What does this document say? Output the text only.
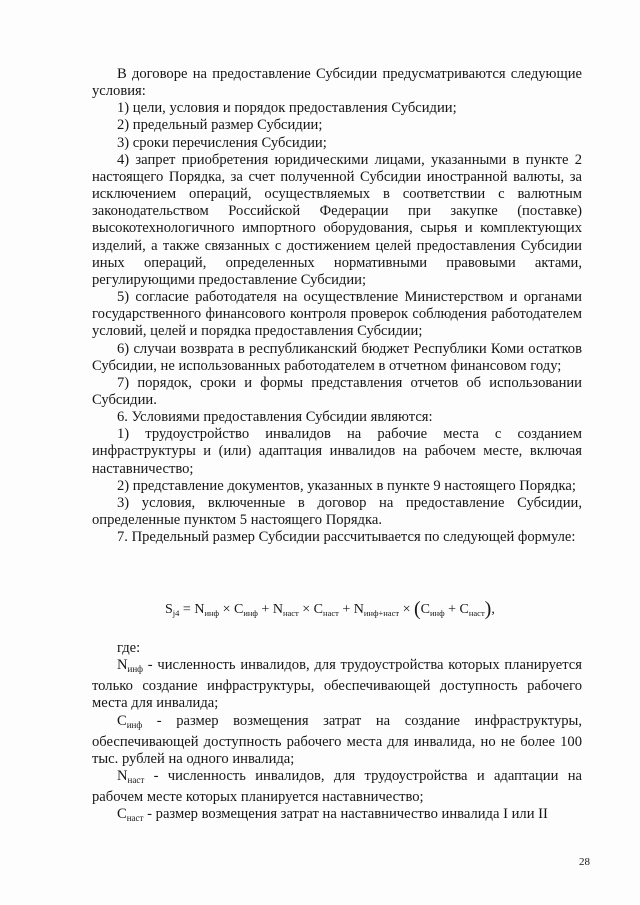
В договоре на предоставление Субсидии предусматриваются следующие условия:

1) цели, условия и порядок предоставления Субсидии;

2) предельный размер Субсидии;

3) сроки перечисления Субсидии;

4) запрет приобретения юридическими лицами, указанными в пункте 2 настоящего Порядка, за счет полученной Субсидии иностранной валюты, за исключением операций, осуществляемых в соответствии с валютным законодательством Российской Федерации при закупке (поставке) высокотехнологичного импортного оборудования, сырья и комплектующих изделий, а также связанных с достижением целей предоставления Субсидии иных операций, определенных нормативными правовыми актами, регулирующими предоставление Субсидии;

5) согласие работодателя на осуществление Министерством и органами государственного финансового контроля проверок соблюдения работодателем условий, целей и порядка предоставления Субсидии;

6) случаи возврата в республиканский бюджет Республики Коми остатков Субсидии, не использованных работодателем в отчетном финансовом году;

7) порядок, сроки и формы представления отчетов об использовании Субсидии.

6. Условиями предоставления Субсидии являются:

1) трудоустройство инвалидов на рабочие места с созданием инфраструктуры и (или) адаптация инвалидов на рабочем месте, включая наставничество;

2) представление документов, указанных в пункте 9 настоящего Порядка;

3) условия, включенные в договор на предоставление Субсидии, определенные пунктом 5 настоящего Порядка.

7. Предельный размер Субсидии рассчитывается по следующей формуле:

$S_{j4} = N_{инф} \times C_{инф} + N_{наст} \times C_{наст} + N_{инф+наст} \times (C_{инф} + C_{наст})$,

где:

$N_{инф}$ - численность инвалидов, для трудоустройства которых планируется только создание инфраструктуры, обеспечивающей доступность рабочего места для инвалида;

$C_{инф}$ - размер возмещения затрат на создание инфраструктуры, обеспечивающей доступность рабочего места для инвалида, но не более 100 тыс. рублей на одного инвалида;

$N_{наст}$ - численность инвалидов, для трудоустройства и адаптации на рабочем месте которых планируется наставничество;

$C_{наст}$ - размер возмещения затрат на наставничество инвалида I или II

28
